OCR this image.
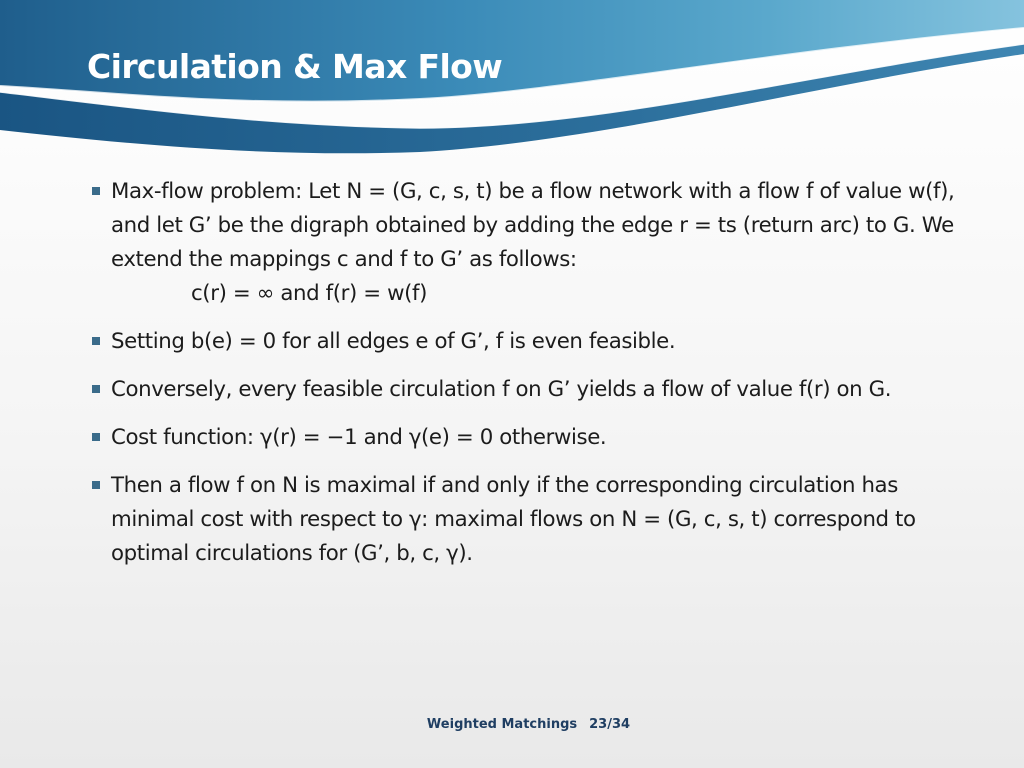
Circulation & Max Flow
Max-flow problem: Let N = (G, c, s, t) be a flow network with a flow f of value w(f), and let G’ be the digraph obtained by adding the edge r = ts (return arc) to G. We extend the mappings c and f to G’ as follows:
c(r) = ∞ and f(r) = w(f)
Setting b(e) = 0 for all edges e of G’, f is even feasible.
Conversely, every feasible circulation f on G’ yields a flow of value f(r) on G.
Cost function: γ(r) = −1 and γ(e) = 0 otherwise.
Then a flow f on N is maximal if and only if the corresponding circulation has minimal cost with respect to γ: maximal flows on N = (G, c, s, t) correspond to optimal circulations for (G’, b, c, γ).
Weighted Matchings 23/34
